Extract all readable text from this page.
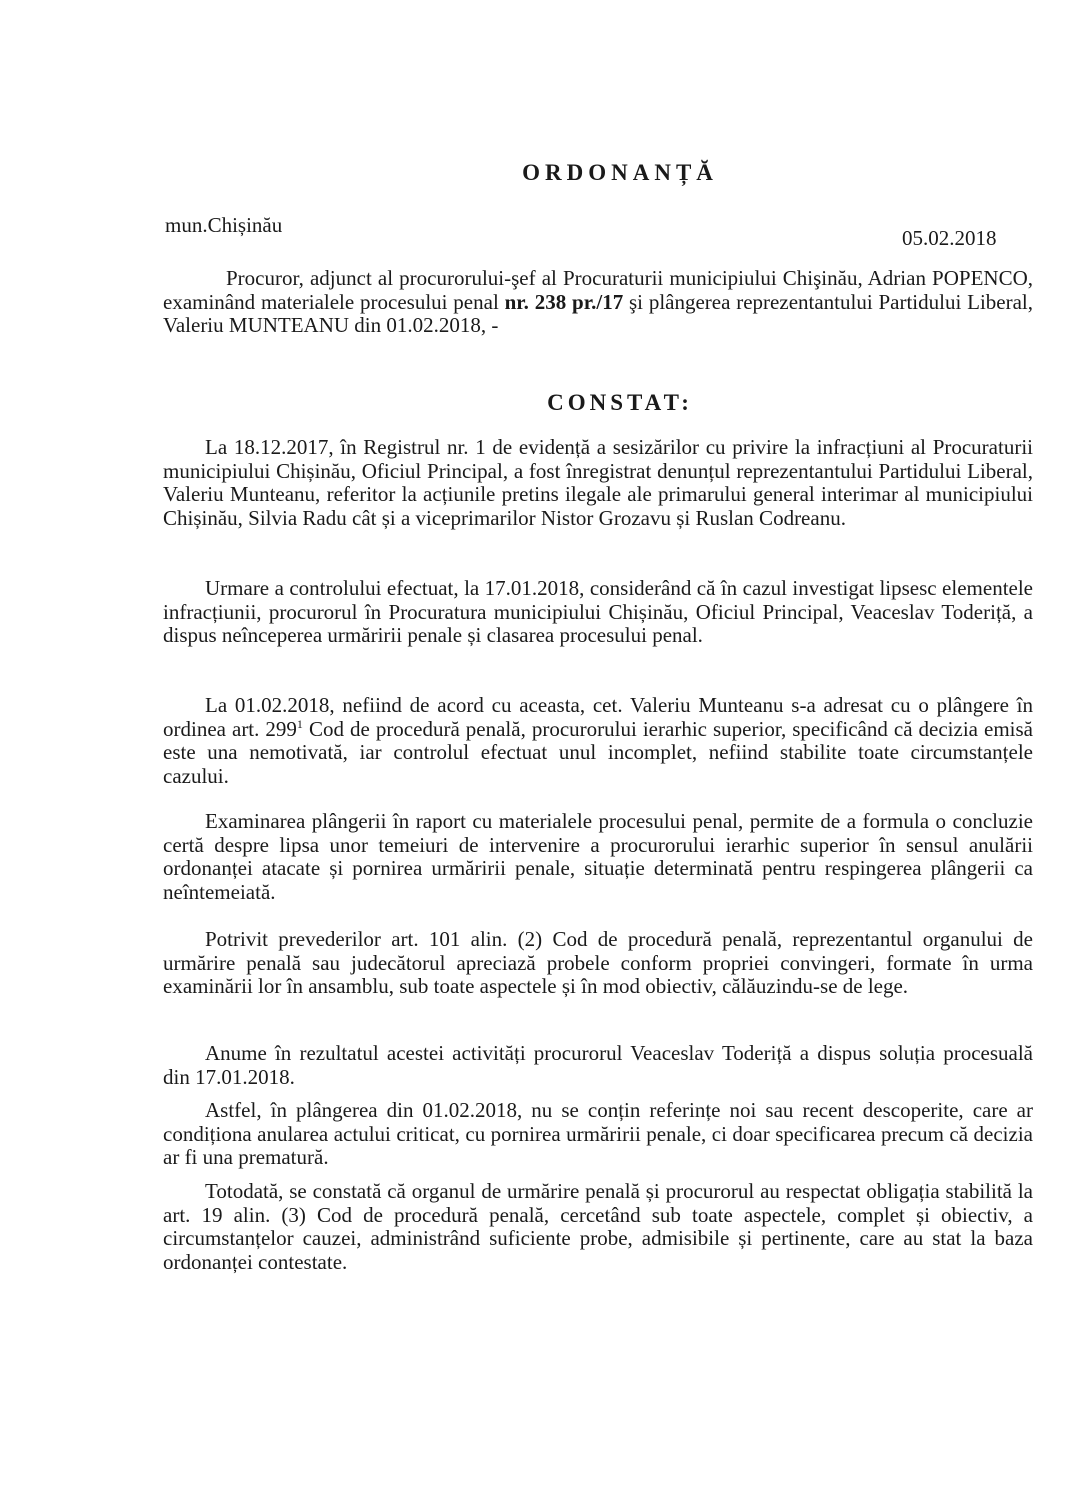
ORDONANȚĂ
mun.Chișinău
05.02.2018

Procuror, adjunct al procurorului-şef al Procuraturii municipiului Chişinău, Adrian POPENCO, examinând materialele procesului penal nr. 238 pr./17 şi plângerea reprezentantului Partidului Liberal, Valeriu MUNTEANU din 01.02.2018, -

CONSTAT:

La 18.12.2017, în Registrul nr. 1 de evidență a sesizărilor cu privire la infracțiuni al Procuraturii municipiului Chișinău, Oficiul Principal, a fost înregistrat denunțul reprezentantului Partidului Liberal, Valeriu Munteanu, referitor la acțiunile pretins ilegale ale primarului general interimar al municipiului Chișinău, Silvia Radu cât și a viceprimarilor Nistor Grozavu și Ruslan Codreanu.

Urmare a controlului efectuat, la 17.01.2018, considerând că în cazul investigat lipsesc elementele infracțiunii, procurorul în Procuratura municipiului Chișinău, Oficiul Principal, Veaceslav Toderiță, a dispus neînceperea urmăririi penale și clasarea procesului penal.

La 01.02.2018, nefiind de acord cu aceasta, cet. Valeriu Munteanu s-a adresat cu o plângere în ordinea art. $299^1$ Cod de procedură penală, procurorului ierarhic superior, specificând că decizia emisă este una nemotivată, iar controlul efectuat unul incomplet, nefiind stabilite toate circumstanțele cazului.

Examinarea plângerii în raport cu materialele procesului penal, permite de a formula o concluzie certă despre lipsa unor temeiuri de intervenire a procurorului ierarhic superior în sensul anulării ordonanței atacate și pornirea urmăririi penale, situație determinată pentru respingerea plângerii ca neîntemeiată.

Potrivit prevederilor art. 101 alin. (2) Cod de procedură penală, reprezentantul organului de urmărire penală sau judecătorul apreciază probele conform propriei convingeri, formate în urma examinării lor în ansamblu, sub toate aspectele și în mod obiectiv, călăuzindu-se de lege.

Anume în rezultatul acestei activități procurorul Veaceslav Toderiță a dispus soluția procesuală din 17.01.2018.

Astfel, în plângerea din 01.02.2018, nu se conțin referințe noi sau recent descoperite, care ar condiționa anularea actului criticat, cu pornirea urmăririi penale, ci doar specificarea precum că decizia ar fi una prematură.

Totodată, se constată că organul de urmărire penală și procurorul au respectat obligația stabilită la art. 19 alin. (3) Cod de procedură penală, cercetând sub toate aspectele, complet și obiectiv, a circumstanțelor cauzei, administrând suficiente probe, admisibile și pertinente, care au stat la baza ordonanței contestate.
